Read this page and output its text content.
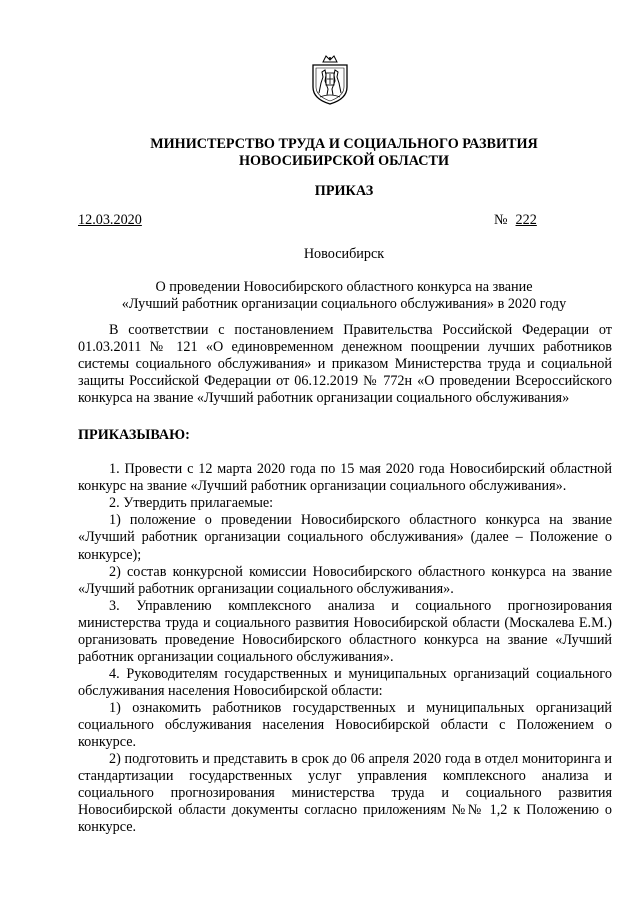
МИНИСТЕРСТВО ТРУДА И СОЦИАЛЬНОГО РАЗВИТИЯ
НОВОСИБИРСКОЙ ОБЛАСТИ
ПРИКАЗ
12.03.2020	№ 222
Новосибирск
О проведении Новосибирского областного конкурса на звание
«Лучший работник организации социального обслуживания» в 2020 году

В соответствии с постановлением Правительства Российской Федерации от 01.03.2011 № 121 «О единовременном денежном поощрении лучших работников системы социального обслуживания» и приказом Министерства труда и социальной защиты Российской Федерации от 06.12.2019 № 772н «О проведении Всероссийского конкурса на звание «Лучший работник организации социального обслуживания»

ПРИКАЗЫВАЮ:

1. Провести с 12 марта 2020 года по 15 мая 2020 года Новосибирский областной конкурс на звание «Лучший работник организации социального обслуживания».

2. Утвердить прилагаемые:

1) положение о проведении Новосибирского областного конкурса на звание «Лучший работник организации социального обслуживания» (далее – Положение о конкурсе);

2) состав конкурсной комиссии Новосибирского областного конкурса на звание «Лучший работник организации социального обслуживания».

3. Управлению комплексного анализа и социального прогнозирования министерства труда и социального развития Новосибирской области (Москалева Е.М.) организовать проведение Новосибирского областного конкурса на звание «Лучший работник организации социального обслуживания».

4. Руководителям государственных и муниципальных организаций социального обслуживания населения Новосибирской области:

1) ознакомить работников государственных и муниципальных организаций социального обслуживания населения Новосибирской области с Положением о конкурсе.

2) подготовить и представить в срок до 06 апреля 2020 года в отдел мониторинга и стандартизации государственных услуг управления комплексного анализа и социального прогнозирования министерства труда и социального развития Новосибирской области документы согласно приложениям №№ 1,2 к Положению о конкурсе.
